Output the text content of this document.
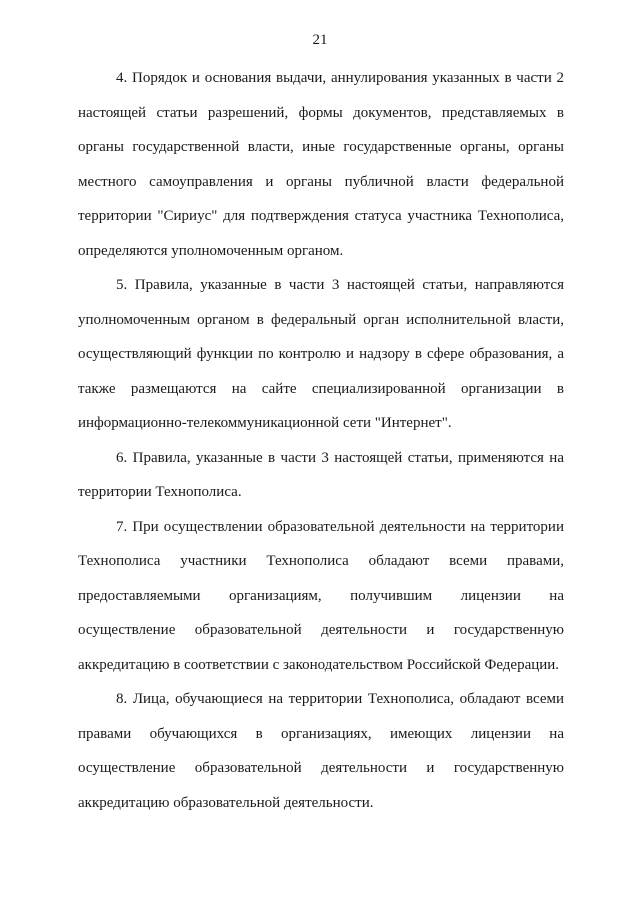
21

4. Порядок и основания выдачи, аннулирования указанных в части 2 настоящей статьи разрешений, формы документов, представляемых в органы государственной власти, иные государственные органы, органы местного самоуправления и органы публичной власти федеральной территории "Сириус" для подтверждения статуса участника Технополиса, определяются уполномоченным органом.

5. Правила, указанные в части 3 настоящей статьи, направляются уполномоченным органом в федеральный орган исполнительной власти, осуществляющий функции по контролю и надзору в сфере образования, а также размещаются на сайте специализированной организации в информационно-телекоммуникационной сети "Интернет".

6. Правила, указанные в части 3 настоящей статьи, применяются на территории Технополиса.

7. При осуществлении образовательной деятельности на территории Технополиса участники Технополиса обладают всеми правами, предоставляемыми организациям, получившим лицензии на осуществление образовательной деятельности и государственную аккредитацию в соответствии с законодательством Российской Федерации.

8. Лица, обучающиеся на территории Технополиса, обладают всеми правами обучающихся в организациях, имеющих лицензии на осуществление образовательной деятельности и государственную аккредитацию образовательной деятельности.
